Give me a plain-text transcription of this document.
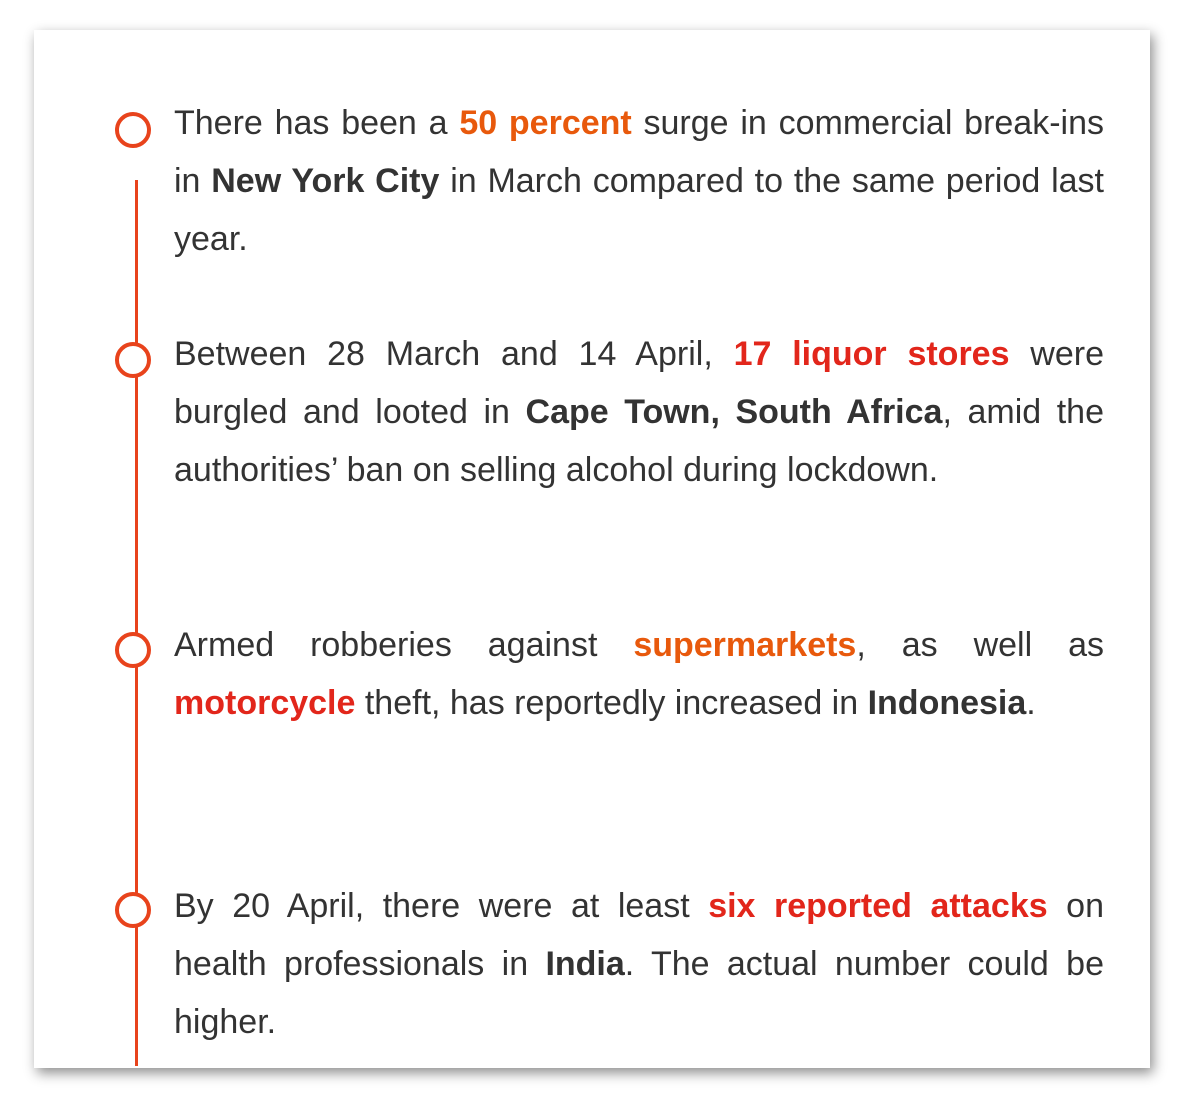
There has been a 50 percent surge in commercial break-ins in New York City in March compared to the same period last year.

Between 28 March and 14 April, 17 liquor stores were burgled and looted in Cape Town, South Africa, amid the authorities’ ban on selling alcohol during lockdown.

Armed robberies against supermarkets, as well as motorcycle theft, has reportedly increased in Indonesia.

By 20 April, there were at least six reported attacks on health professionals in India. The actual number could be higher.
